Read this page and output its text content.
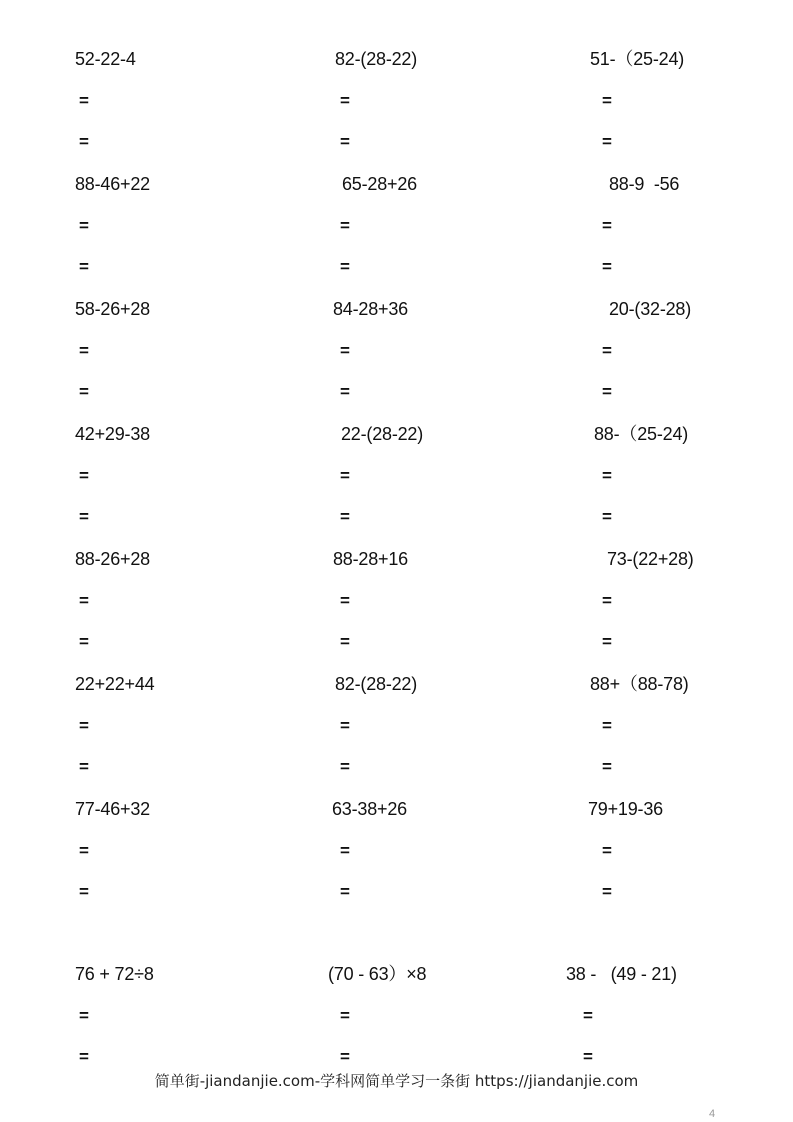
52-22-4
=
=
82-(28-22)
=
=
51-（25-24)
=
=
88-46+22
=
=
65-28+26
=
=
88-9  -56
=
=
58-26+28
=
=
84-28+36
=
=
20-(32-28)
=
=
42+29-38
=
=
22-(28-22)
=
=
88-（25-24)
=
=
88-26+28
=
=
88-28+16
=
=
73-(22+28)
=
=
22+22+44
=
=
82-(28-22)
=
=
88+（88-78)
=
=
77-46+32
=
=
63-38+26
=
=
79+19-36
=
=
76 + 72÷8
=
=
(70 - 63）×8
=
=
38 -   (49 - 21)
=
=
简单街-jiandanjie.com-学科网简单学习一条街 https://jiandanjie.com
4
